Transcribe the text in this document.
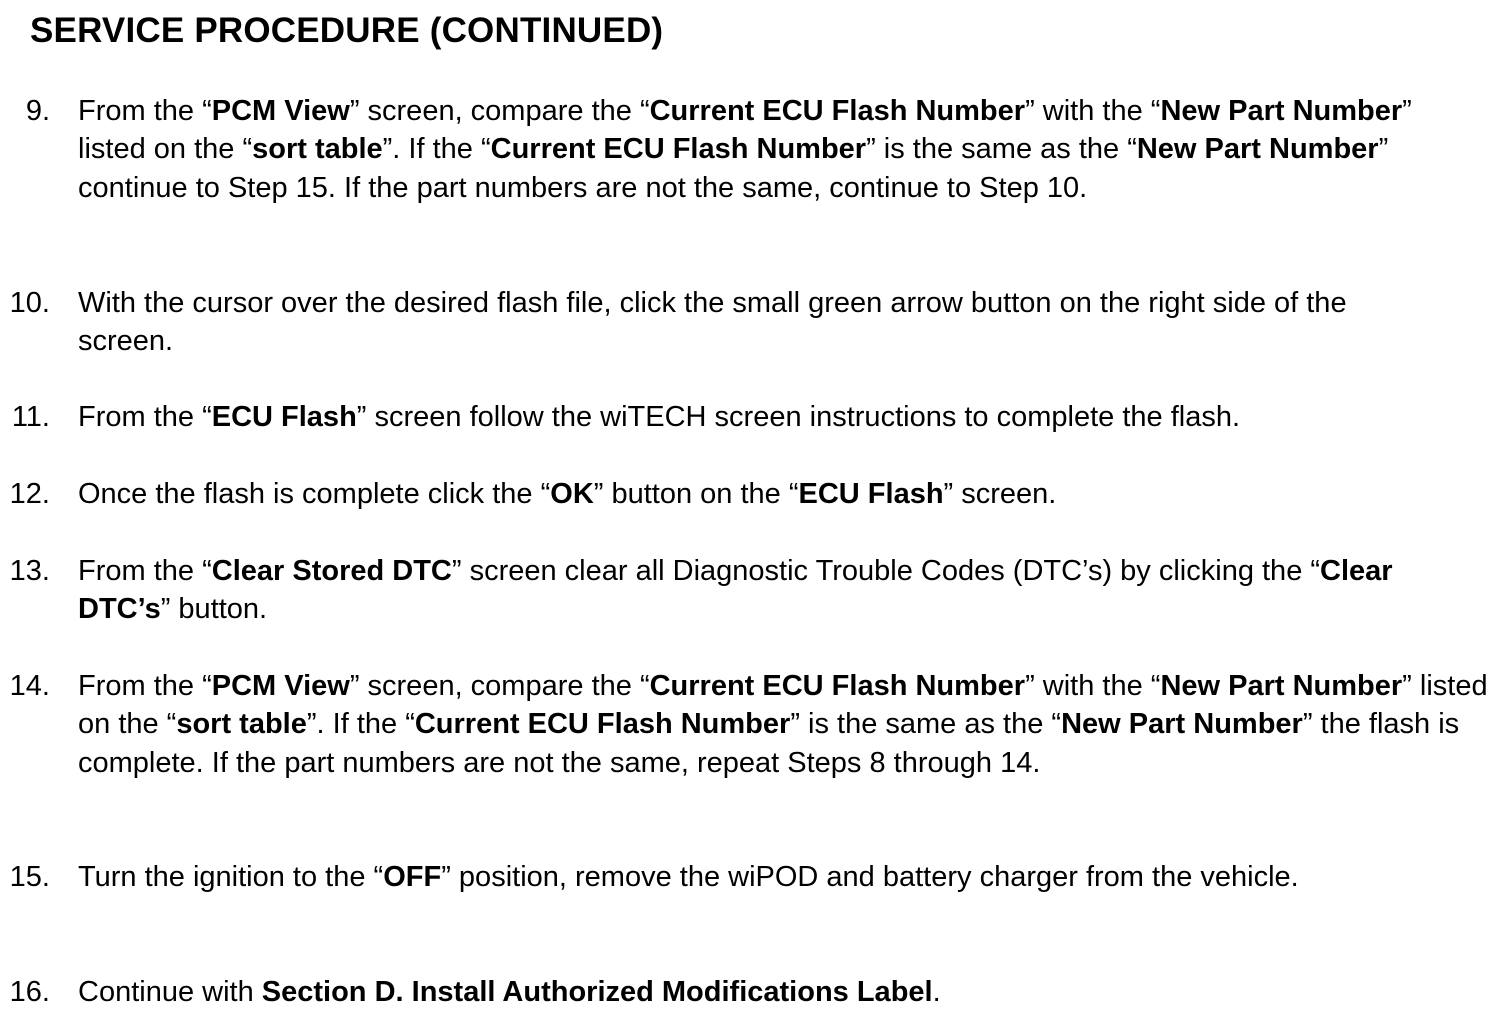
SERVICE PROCEDURE (CONTINUED)
9. From the “PCM View” screen, compare the “Current ECU Flash Number” with the “New Part Number” listed on the “sort table”. If the “Current ECU Flash Number” is the same as the “New Part Number” continue to Step 15. If the part numbers are not the same, continue to Step 10.
10. With the cursor over the desired flash file, click the small green arrow button on the right side of the screen.
11. From the “ECU Flash” screen follow the wiTECH screen instructions to complete the flash.
12. Once the flash is complete click the “OK” button on the “ECU Flash” screen.
13. From the “Clear Stored DTC” screen clear all Diagnostic Trouble Codes (DTC’s) by clicking the “Clear DTC’s” button.
14. From the “PCM View” screen, compare the “Current ECU Flash Number” with the “New Part Number” listed on the “sort table”. If the “Current ECU Flash Number” is the same as the “New Part Number” the flash is complete. If the part numbers are not the same, repeat Steps 8 through 14.
15. Turn the ignition to the “OFF” position, remove the wiPOD and battery charger from the vehicle.
16. Continue with Section D. Install Authorized Modifications Label.
